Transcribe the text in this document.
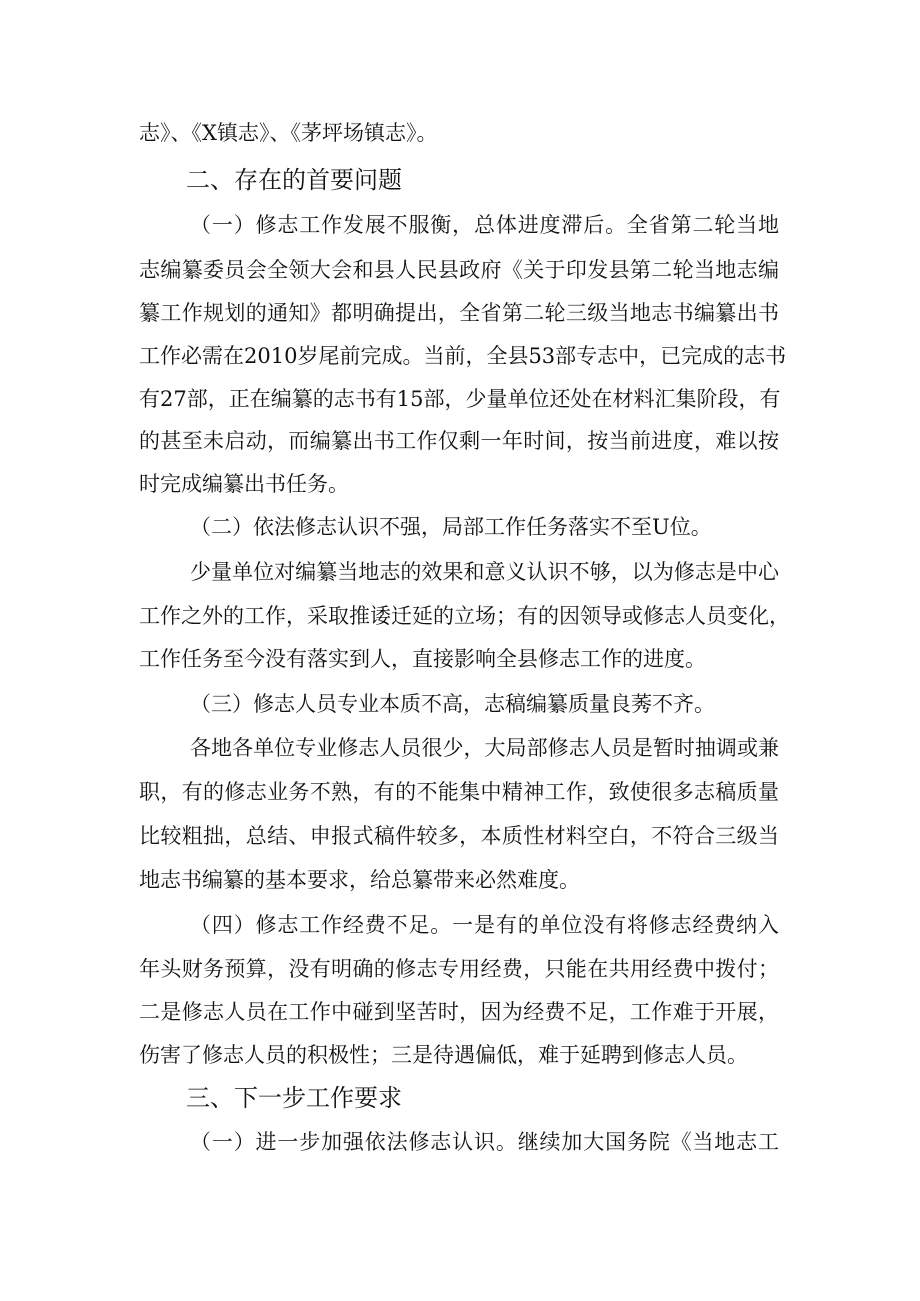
志》、《X镇志》、《茅坪场镇志》。
二、存在的首要问题
（一）修志工作发展不服衡，总体进度滞后。全省第二轮当地
志编纂委员会全领大会和县人民县政府《关于印发县第二轮当地志编
纂工作规划的通知》都明确提出，全省第二轮三级当地志书编纂出书
工作必需在2010岁尾前完成。当前，全县53部专志中，已完成的志书
有27部，正在编纂的志书有15部，少量单位还处在材料汇集阶段，有
的甚至未启动，而编纂出书工作仅剩一年时间，按当前进度，难以按
时完成编纂出书任务。
（二）依法修志认识不强，局部工作任务落实不至U位。
少量单位对编纂当地志的效果和意义认识不够，以为修志是中心
工作之外的工作，采取推诿迁延的立场；有的因领导或修志人员变化，
工作任务至今没有落实到人，直接影响全县修志工作的进度。
（三）修志人员专业本质不高，志稿编纂质量良莠不齐。
各地各单位专业修志人员很少，大局部修志人员是暂时抽调或兼
职，有的修志业务不熟，有的不能集中精神工作，致使很多志稿质量
比较粗拙，总结、申报式稿件较多，本质性材料空白，不符合三级当
地志书编纂的基本要求，给总纂带来必然难度。
（四）修志工作经费不足。一是有的单位没有将修志经费纳入
年头财务预算，没有明确的修志专用经费，只能在共用经费中拨付；
二是修志人员在工作中碰到坚苦时，因为经费不足，工作难于开展，
伤害了修志人员的积极性；三是待遇偏低，难于延聘到修志人员。
三、下一步工作要求
（一）进一步加强依法修志认识。继续加大国务院《当地志工
